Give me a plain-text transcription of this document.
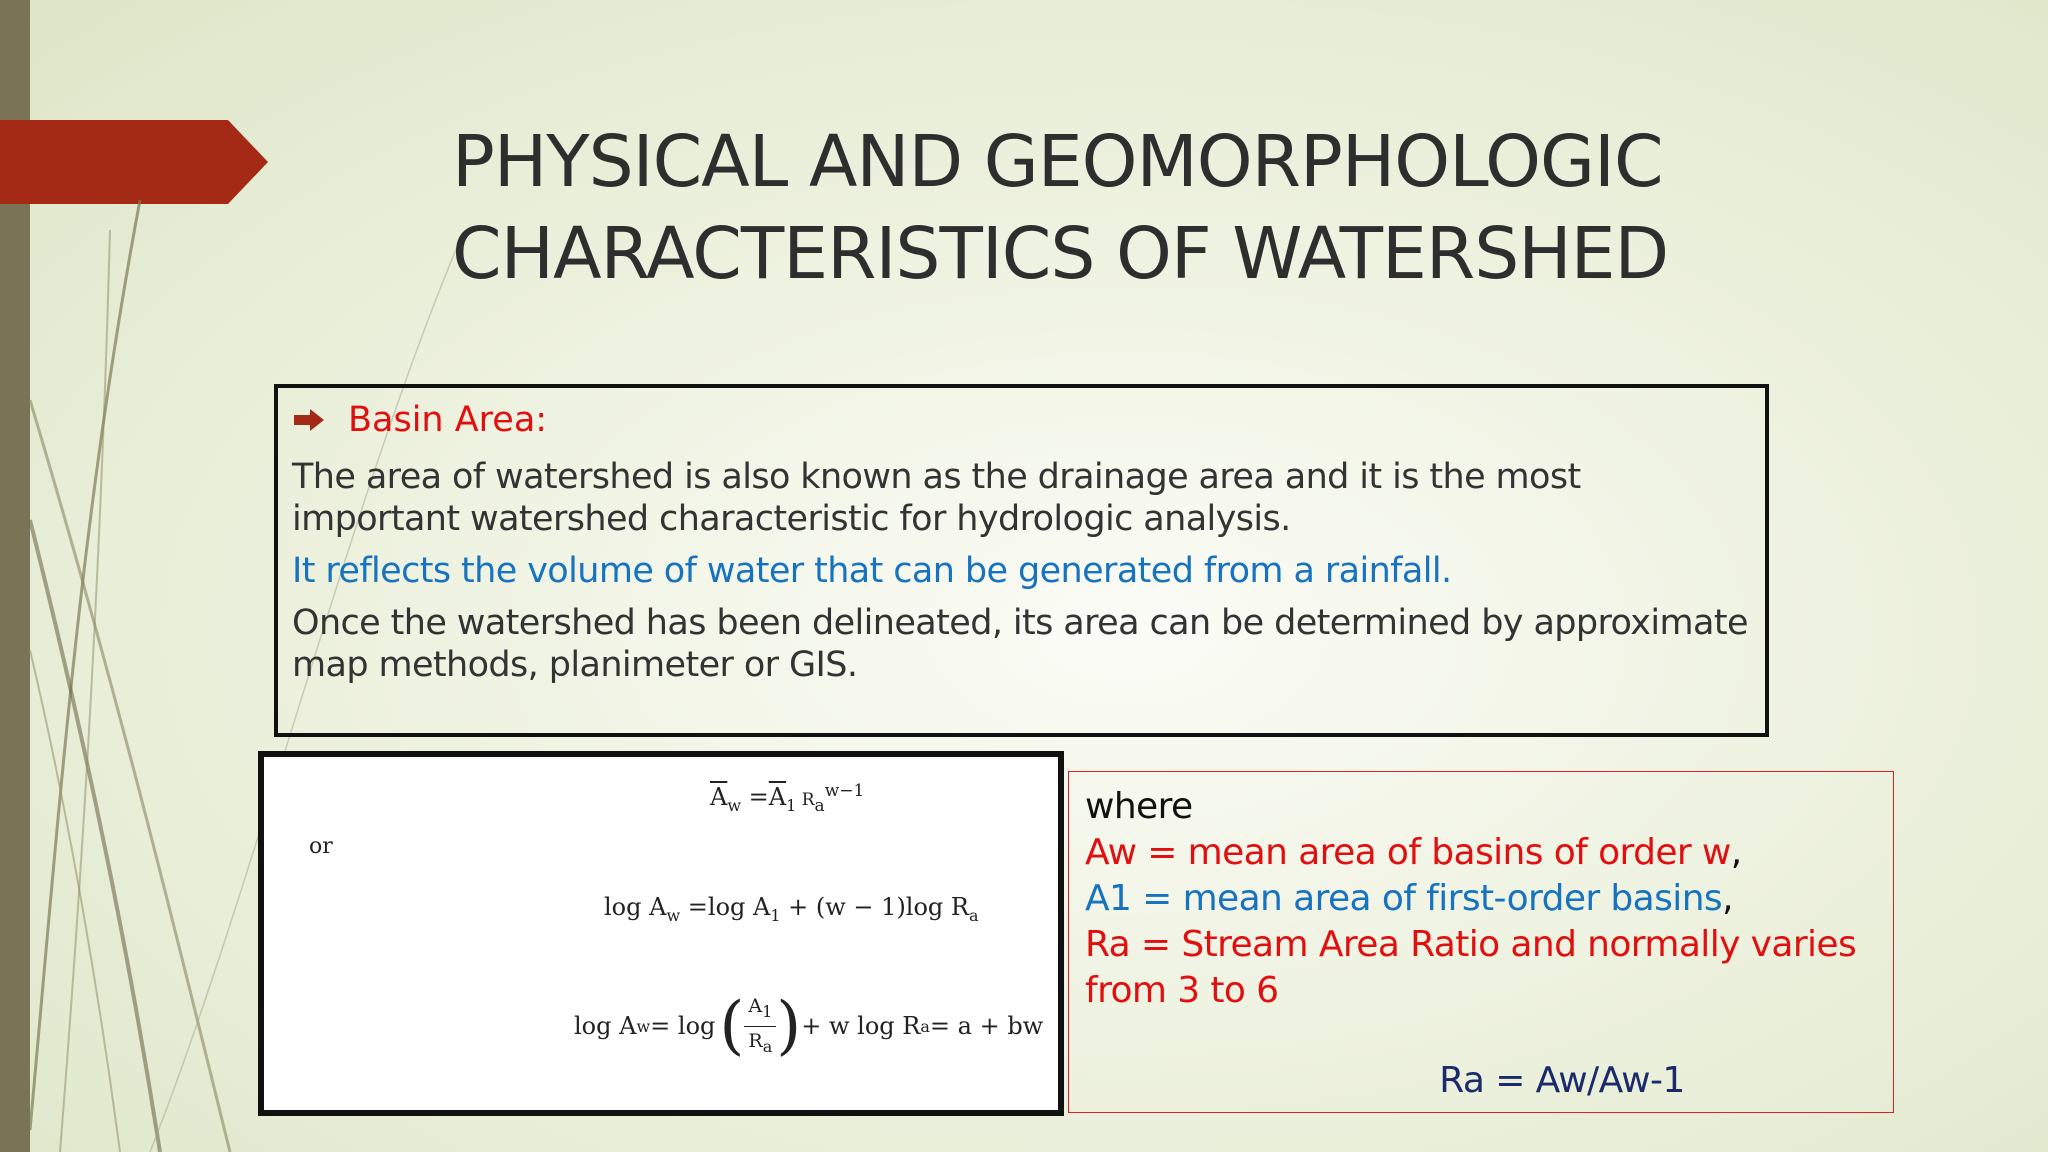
PHYSICAL AND GEOMORPHOLOGIC
CHARACTERISTICS OF WATERSHED
Basin Area:
The area of watershed is also known as the drainage area and it is the most important watershed characteristic for hydrologic analysis.
It reflects the volume of water that can be generated from a rainfall.
Once the watershed has been delineated, its area can be determined by approximate map methods, planimeter or GIS.
or
$\overline{A}_w =\overline{A}_1$ $R_a^{w-1}$
$\log A_w =\log$ $A_1 + (w - 1)\log$ $R_a$
log A w = log ( $\frac{A_1}{R_a}$ ) + w log R a = a + bw
where
Aw = mean area of basins of order w,
A1 = mean area of first-order basins,
Ra = Stream Area Ratio and normally varies from 3 to 6
Ra = Aw/Aw-1
